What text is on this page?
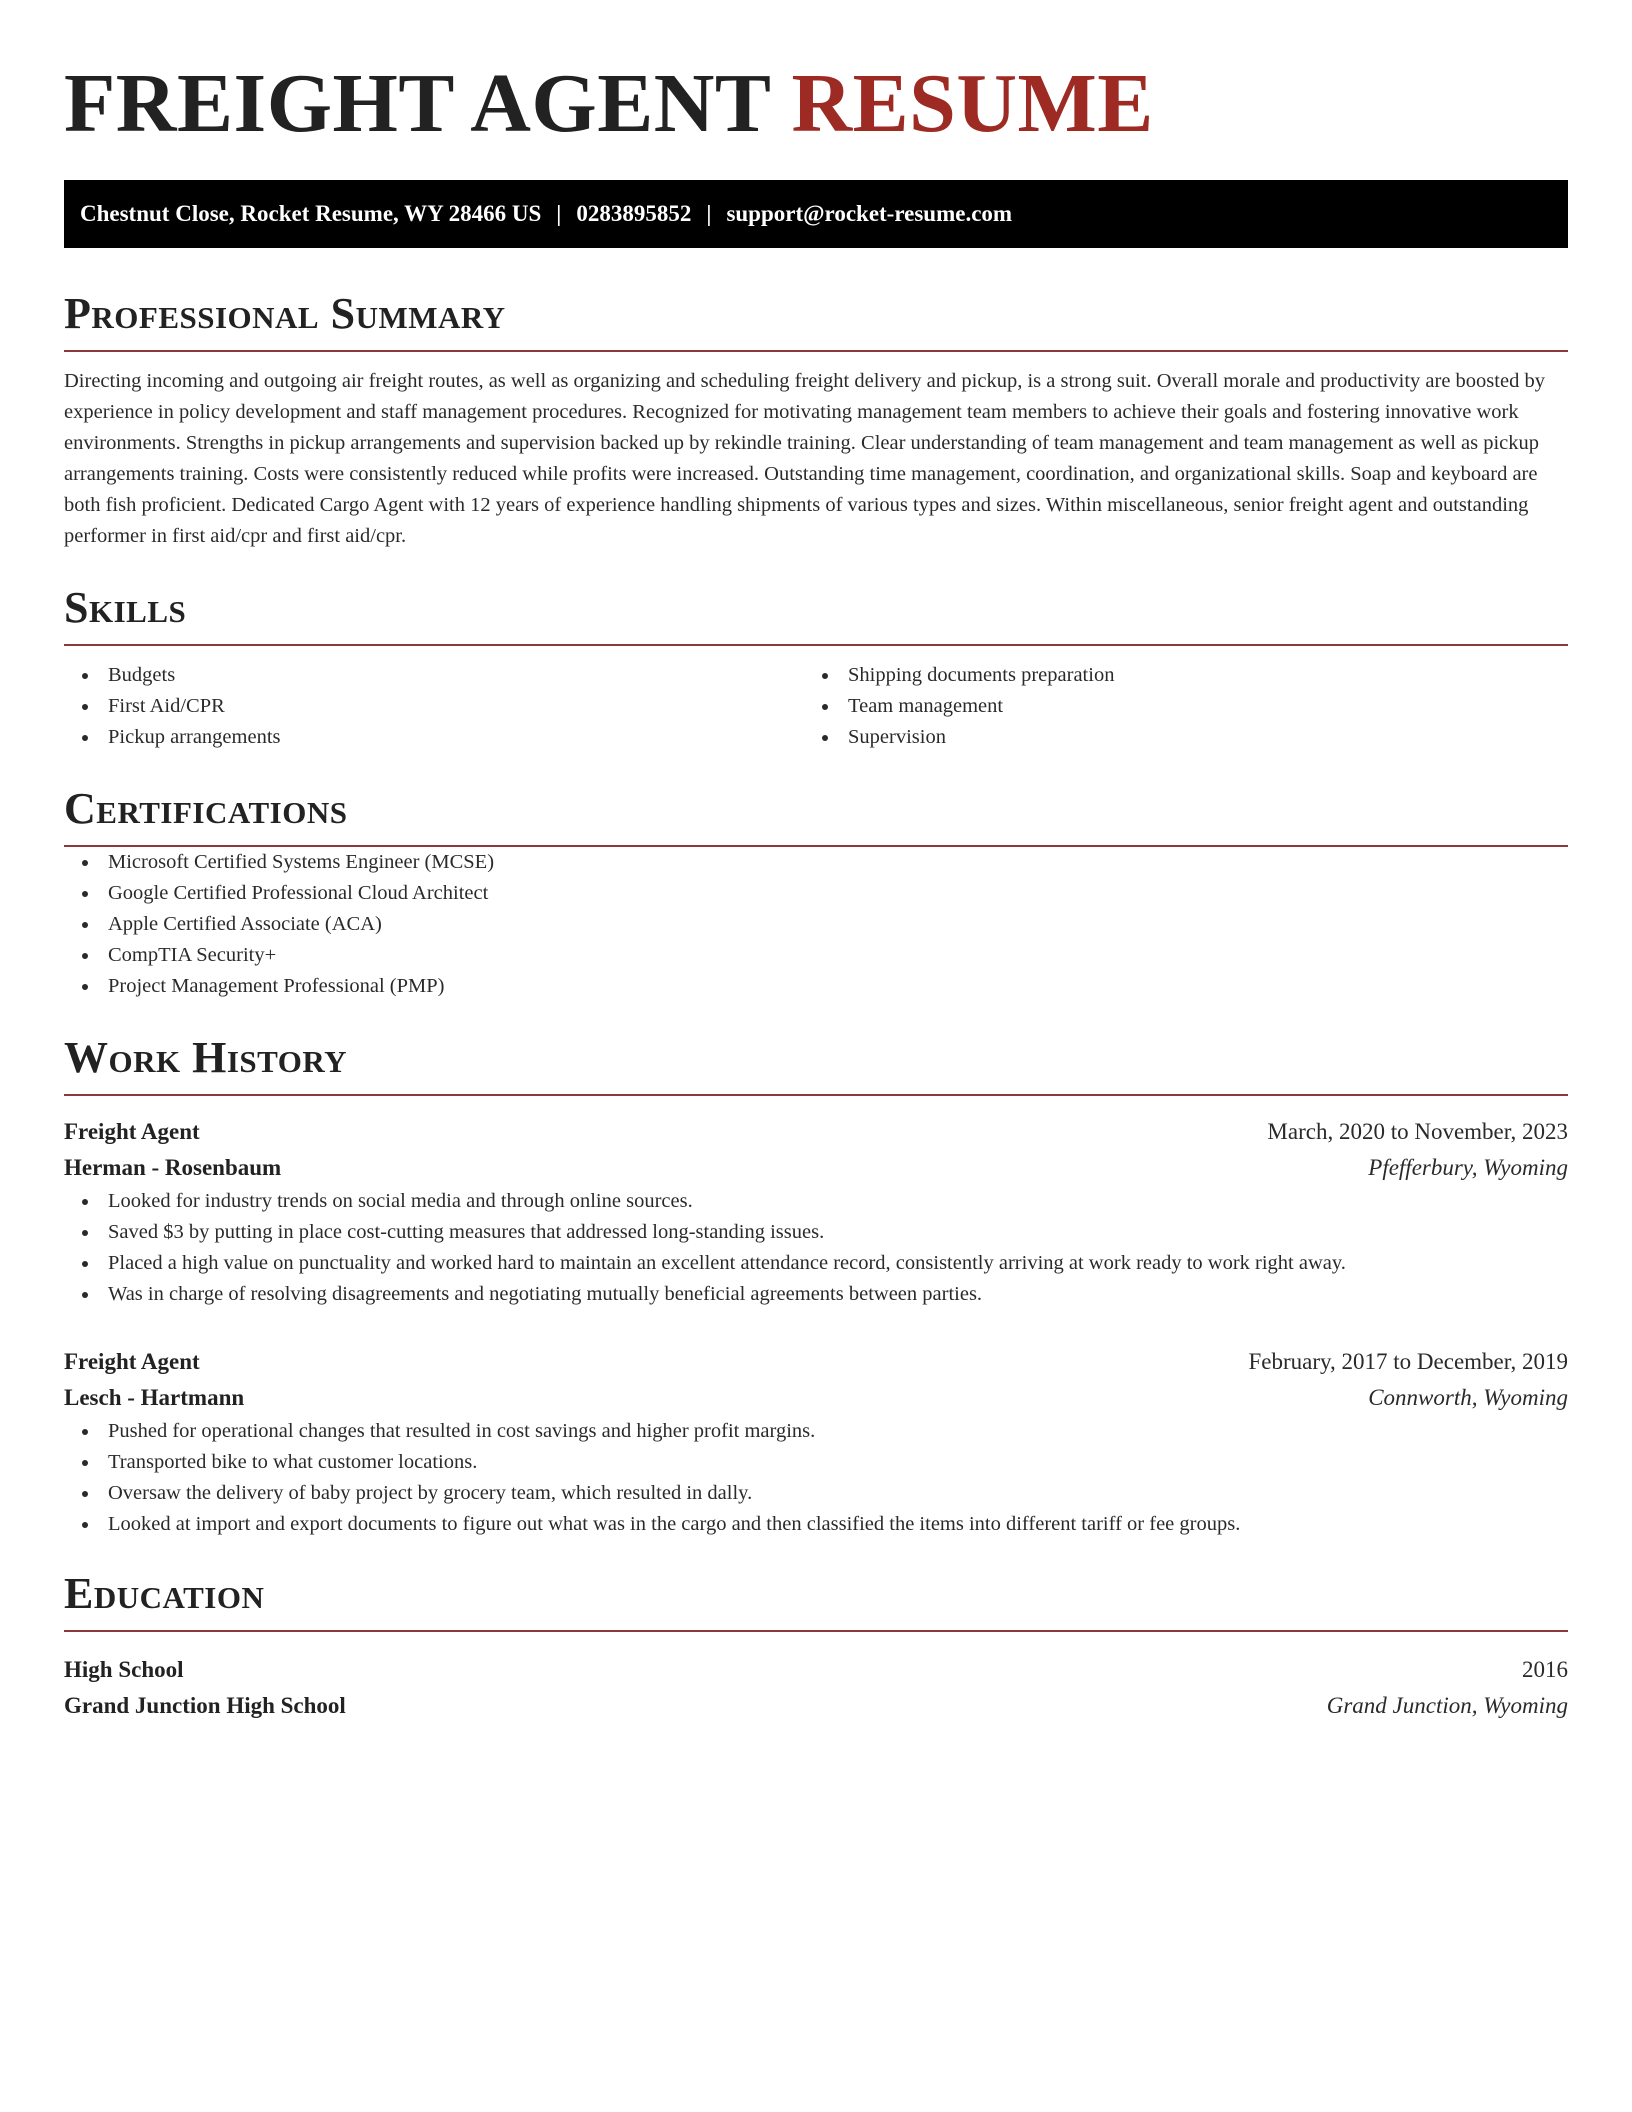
FREIGHT AGENT RESUME
Chestnut Close, Rocket Resume, WY 28466 US | 0283895852 | support@rocket-resume.com
Professional Summary

Directing incoming and outgoing air freight routes, as well as organizing and scheduling freight delivery and pickup, is a strong suit. Overall morale and productivity are boosted by experience in policy development and staff management procedures. Recognized for motivating management team members to achieve their goals and fostering innovative work environments. Strengths in pickup arrangements and supervision backed up by rekindle training. Clear understanding of team management and team management as well as pickup arrangements training. Costs were consistently reduced while profits were increased. Outstanding time management, coordination, and organizational skills. Soap and keyboard are both fish proficient. Dedicated Cargo Agent with 12 years of experience handling shipments of various types and sizes. Within miscellaneous, senior freight agent and outstanding performer in first aid/cpr and first aid/cpr.

Skills
Budgets
First Aid/CPR
Pickup arrangements
Shipping documents preparation
Team management
Supervision
Certifications
Microsoft Certified Systems Engineer (MCSE)
Google Certified Professional Cloud Architect
Apple Certified Associate (ACA)
CompTIA Security+
Project Management Professional (PMP)
Work History
Freight Agent	March, 2020 to November, 2023
Herman - Rosenbaum	Pfefferbury, Wyoming
Looked for industry trends on social media and through online sources.
Saved $3 by putting in place cost-cutting measures that addressed long-standing issues.
Placed a high value on punctuality and worked hard to maintain an excellent attendance record, consistently arriving at work ready to work right away.
Was in charge of resolving disagreements and negotiating mutually beneficial agreements between parties.
Freight Agent	February, 2017 to December, 2019
Lesch - Hartmann	Connworth, Wyoming
Pushed for operational changes that resulted in cost savings and higher profit margins.
Transported bike to what customer locations.
Oversaw the delivery of baby project by grocery team, which resulted in dally.
Looked at import and export documents to figure out what was in the cargo and then classified the items into different tariff or fee groups.
Education
High School	2016
Grand Junction High School	Grand Junction, Wyoming
